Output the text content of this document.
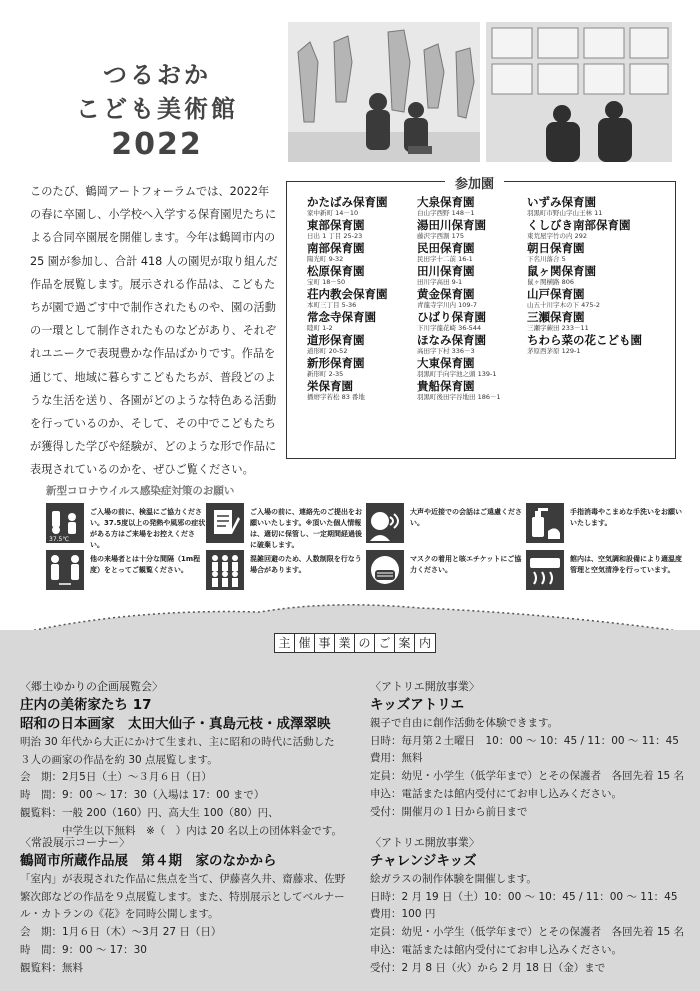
つるおか
こども美術館
2022
このたび、鶴岡アートフォーラムでは、2022年の春に卒園し、小学校へ入学する保育園児たちによる合同卒園展を開催します。今年は鶴岡市内の 25 園が参加し、合計 418 人の園児が取り組んだ作品を展覧します。展示される作品は、こどもたちが園で過ごす中で制作されたものや、園の活動の一環として制作されたものなどがあり、それぞれユニークで表現豊かな作品ばかりです。作品を通じて、地域に暮らすこどもたちが、普段どのような生活を送り、各園がどのような特色ある活動を行っているのか、そして、その中でこどもたちが獲得した学びや経験が、どのような形で作品に表現されているのかを、ぜひご覧ください。
参加園
かたばみ保育園
家中新町 14－10
東部保育園
日出 1 丁目 25-23
南部保育園
陽光町 9-32
松原保育園
宝町 18－50
荘内教会保育園
本町三丁目 5-36
常念寺保育園
睦町 1-2
道形保育園
道形町 20-52
新形保育園
新形町 2-35
栄保育園
播磨字若松 83 番地
大泉保育園
白山字西野 148－1
湯田川保育園
藤沢字西割 175
民田保育園
民田字十二前 16-1
田川保育園
田川字高田 9-1
黄金保育園
青龍寺字川内 109-7
ひばり保育園
下川字龍花崎 36-544
ほなみ保育園
高田字下村 336－3
大東保育園
羽黒町手向字池之頭 139-1
貴船保育園
羽黒町後田字谷地田 186－1
いずみ保育園
羽黒町市野山字山王林 11
くしびき南部保育園
東荒屋字竹の内 292
朝日保育園
下名川落合 5
鼠ヶ関保育園
鼠ヶ関横路 806
山戸保育園
山五十川字木の下 475-2
三瀬保育園
三瀬字蕨田 233－11
ちわら菜の花こども園
茅原西茅原 129-1
新型コロナウイルス感染症対策のお願い
37.5℃
ご入場の前に、検温にご協力ください。37.5度以上の発熱や風邪の症状がある方はご来場をお控えください。
ご入場の前に、連絡先のご提出をお願いいたします。※頂いた個人情報は、適切に保管し、一定期間経過後に破棄します。
大声や近接での会話はご遠慮ください。
手指消毒やこまめな手洗いをお願いいたします。
他の来場者とは十分な間隔（1m程度）をとってご観覧ください。
混雑回避のため、人数制限を行なう場合があります。
マスクの着用と咳エチケットにご協力ください。
館内は、空気調和設備により適温度管理と空気清浄を行っています。
主 催 事 業 の ご 案 内
〈郷土ゆかりの企画展覧会〉
庄内の美術家たち 17
昭和の日本画家　太田大仙子・真島元枝・成澤翠映
明治 30 年代から大正にかけて生まれ、主に昭和の時代に活動した
３人の画家の作品を約 30 点展覧します。
会　期：2月5日（土）～３月６日（日）
時　間：9：00 ～ 17：30（入場は 17：00 まで）
観覧料：一般 200（160）円、高大生 100（80）円、
　　　　中学生以下無料　※（　）内は 20 名以上の団体料金です。
〈常設展示コーナー〉
鶴岡市所蔵作品展　第４期　家のなかから
「室内」が表現された作品に焦点を当て、伊藤喜久井、齋藤求、佐野
繁次郎などの作品を９点展覧します。また、特別展示としてベルナー
ル・カトランの《花》を同時公開します。
会　期：1月６日（木）～3月 27 日（日）
時　間：9：00 ～ 17：30
観覧料：無料
〈アトリエ開放事業〉
キッズアトリエ
親子で自由に創作活動を体験できます。
日時：毎月第２土曜日　10：00 ～ 10：45 / 11：00 ～ 11：45
費用：無料
定員：幼児・小学生（低学年まで）とその保護者　各回先着 15 名
申込：電話または館内受付にてお申し込みください。
受付：開催月の１日から前日まで
〈アトリエ開放事業〉
チャレンジキッズ
絵ガラスの制作体験を開催します。
日時：2 月 19 日（土）10：00 ～ 10：45 / 11：00 ～ 11：45
費用：100 円
定員：幼児・小学生（低学年まで）とその保護者　各回先着 15 名
申込：電話または館内受付にてお申し込みください。
受付：2 月 8 日（火）から 2 月 18 日（金）まで
